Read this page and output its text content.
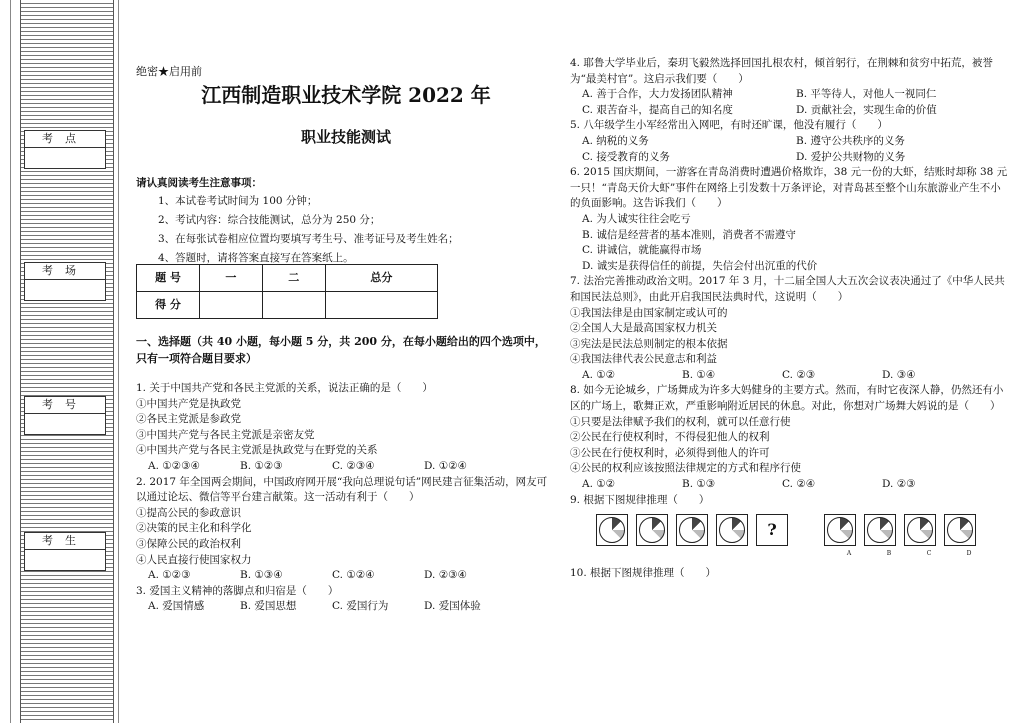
考点
考场
考号
考生
绝密★启用前
江西制造职业技术学院 2022 年
职业技能测试
请认真阅读考生注意事项：
1、本试卷考试时间为 100 分钟；
2、考试内容：综合技能测试，总分为 250 分；
3、在每张试卷相应位置均要填写考生号、准考证号及考生姓名；
4、答题时，请将答案直接写在答案纸上。
题 号	一	二	总分
得 分			
一、选择题（共 40 小题，每小题 5 分，共 200 分，在每小题给出的四个选项中，只有一项符合题目要求）

1. 关于中国共产党和各民主党派的关系，说法正确的是（　　）

①中国共产党是执政党

②各民主党派是参政党

③中国共产党与各民主党派是亲密友党

④中国共产党与各民主党派是执政党与在野党的关系

A. ①②③④	B. ①②③	C. ②③④	D. ①②④

2. 2017 年全国两会期间，中国政府网开展“我向总理说句话”网民建言征集活动，网友可以通过论坛、微信等平台建言献策。这一活动有利于（　　）

①提高公民的参政意识

②决策的民主化和科学化

③保障公民的政治权利

④人民直接行使国家权力

A. ①②③	B. ①③④	C. ①②④	D. ②③④

3. 爱国主义精神的落脚点和归宿是（　　）

A. 爱国情感	B. 爱国思想	C. 爱国行为	D. 爱国体验

4. 耶鲁大学毕业后，秦玥飞毅然选择回国扎根农村，倾首躬行，在荆棘和贫穷中拓荒，被誉为“最美村官”。这启示我们要（　　）

A. 善于合作，大力发扬团队精神	B. 平等待人，对他人一视同仁
C. 艰苦奋斗，提高自己的知名度	D. 贡献社会，实现生命的价值

5. 八年级学生小军经常出入网吧，有时还旷课，他没有履行（　　）

A. 纳税的义务	B. 遵守公共秩序的义务
C. 接受教育的义务	D. 爱护公共财物的义务

6. 2015 国庆期间，一游客在青岛消费时遭遇价格欺诈，38 元一份的大虾，结账时却称 38 元一只！“青岛天价大虾”事件在网络上引发数十万条评论，对青岛甚至整个山东旅游业产生不小的负面影响。这告诉我们（　　）

A. 为人诚实往往会吃亏

B. 诚信是经营者的基本准则，消费者不需遵守

C. 讲诚信，就能赢得市场

D. 诚实是获得信任的前提，失信会付出沉重的代价

7. 法治完善推动政治文明。2017 年 3 月，十二届全国人大五次会议表决通过了《中华人民共和国民法总则》，由此开启我国民法典时代，这说明（　　）

①我国法律是由国家制定或认可的

②全国人大是最高国家权力机关

③宪法是民法总则制定的根本依据

④我国法律代表公民意志和利益

A. ①②	B. ①④	C. ②③	D. ③④

8. 如今无论城乡，广场舞成为许多大妈健身的主要方式。然而，有时它夜深人静，仍然还有小区的广场上，歌舞正欢，严重影响附近居民的休息。对此，你想对广场舞大妈说的是（　　）

①只要是法律赋予我们的权利，就可以任意行使

②公民在行使权利时，不得侵犯他人的权利

③公民在行使权利时，必须得到他人的许可

④公民的权利应该按照法律规定的方式和程序行使

A. ①②	B. ①③	C. ②④	D. ②③

9. 根据下图规律推理（　　）

?
A	B	C	D

10. 根据下图规律推理（　　）
